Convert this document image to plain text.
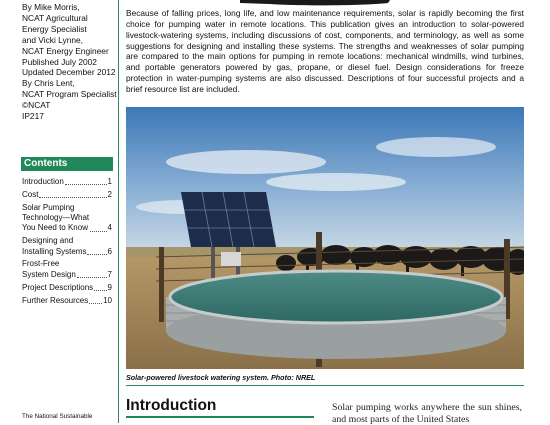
By Mike Morris,
NCAT Agricultural
Energy Specialist
and Vicki Lynne,
NCAT Energy Engineer
Published July 2002
Updated December 2012
By Chris Lent,
NCAT Program Specialist
©NCAT
IP217
Contents
Introduction	1
Cost	2
Solar Pumping
Technology—What
You Need to Know 4
Designing and
Installing Systems	6
Frost-Free
System Design	7
Project Descriptions 9
Further Resources 10
The National Sustainable
Because of falling prices, long life, and low maintenance requirements, solar is rapidly becoming the first choice for pumping water in remote locations. This publication gives an introduction to solar-powered livestock-watering systems, including discussions of cost, components, and terminology, as well as some suggestions for designing and installing these systems. The strengths and weaknesses of solar pumping are compared to the main options for pumping in remote locations: mechanical windmills, wind turbines, and portable generators powered by gas, propane, or diesel fuel. Design considerations for freeze protection in water-pumping systems are also discussed. Descriptions of four successful projects and a brief resource list are included.
Solar-powered livestock watering system. Photo: NREL
Introduction	Solar pumping works anywhere the sun shines, and most parts of the United States
